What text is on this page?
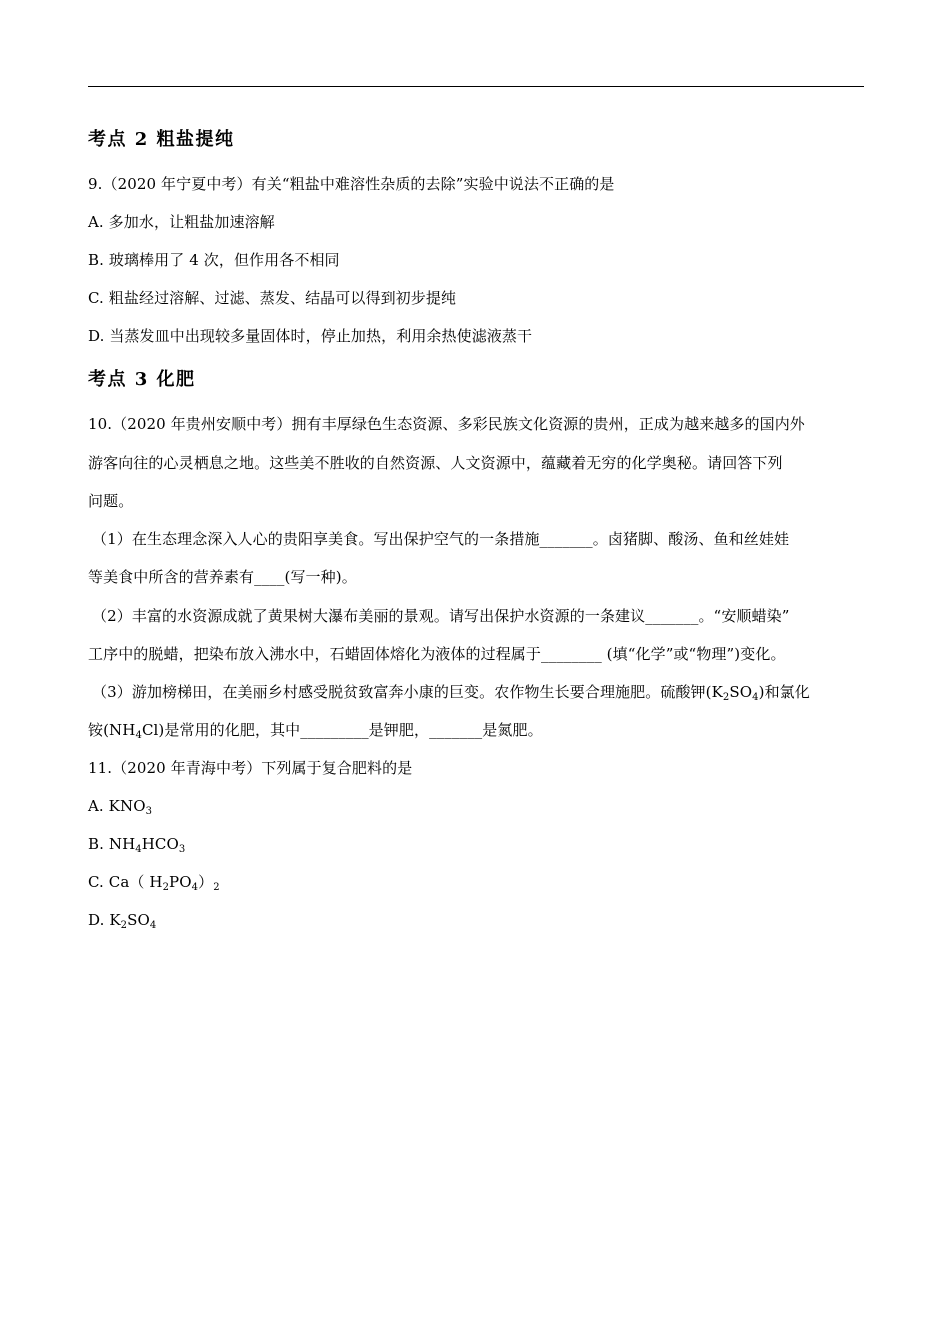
考点 2 粗盐提纯
9.（2020 年宁夏中考）有关“粗盐中难溶性杂质的去除”实验中说法不正确的是
A. 多加水，让粗盐加速溶解
B. 玻璃棒用了 4 次，但作用各不相同
C. 粗盐经过溶解、过滤、蒸发、结晶可以得到初步提纯
D. 当蒸发皿中出现较多量固体时，停止加热，利用余热使滤液蒸干
考点 3 化肥
10.（2020 年贵州安顺中考）拥有丰厚绿色生态资源、多彩民族文化资源的贵州，正成为越来越多的国内外
游客向往的心灵栖息之地。这些美不胜收的自然资源、人文资源中，蕴藏着无穷的化学奥秘。请回答下列
问题。
（1）在生态理念深入人心的贵阳享美食。写出保护空气的一条措施_______。卤猪脚、酸汤、鱼和丝娃娃
等美食中所含的营养素有____(写一种)。
（2）丰富的水资源成就了黄果树大瀑布美丽的景观。请写出保护水资源的一条建议_______。“安顺蜡染”
工序中的脱蜡，把染布放入沸水中，石蜡固体熔化为液体的过程属于________ (填“化学”或“物理”)变化。
（3）游加榜梯田，在美丽乡村感受脱贫致富奔小康的巨变。农作物生长要合理施肥。硫酸钾$(K_2SO_4)$和氯化
铵$(NH_4Cl)$是常用的化肥，其中_________是钾肥，_______是氮肥。
11.（2020 年青海中考）下列属于复合肥料的是
A. $KNO_3$
B. $NH_4HCO_3$
C. Ca（ $H_2PO_4)_2$
D. $K_2SO_4$
